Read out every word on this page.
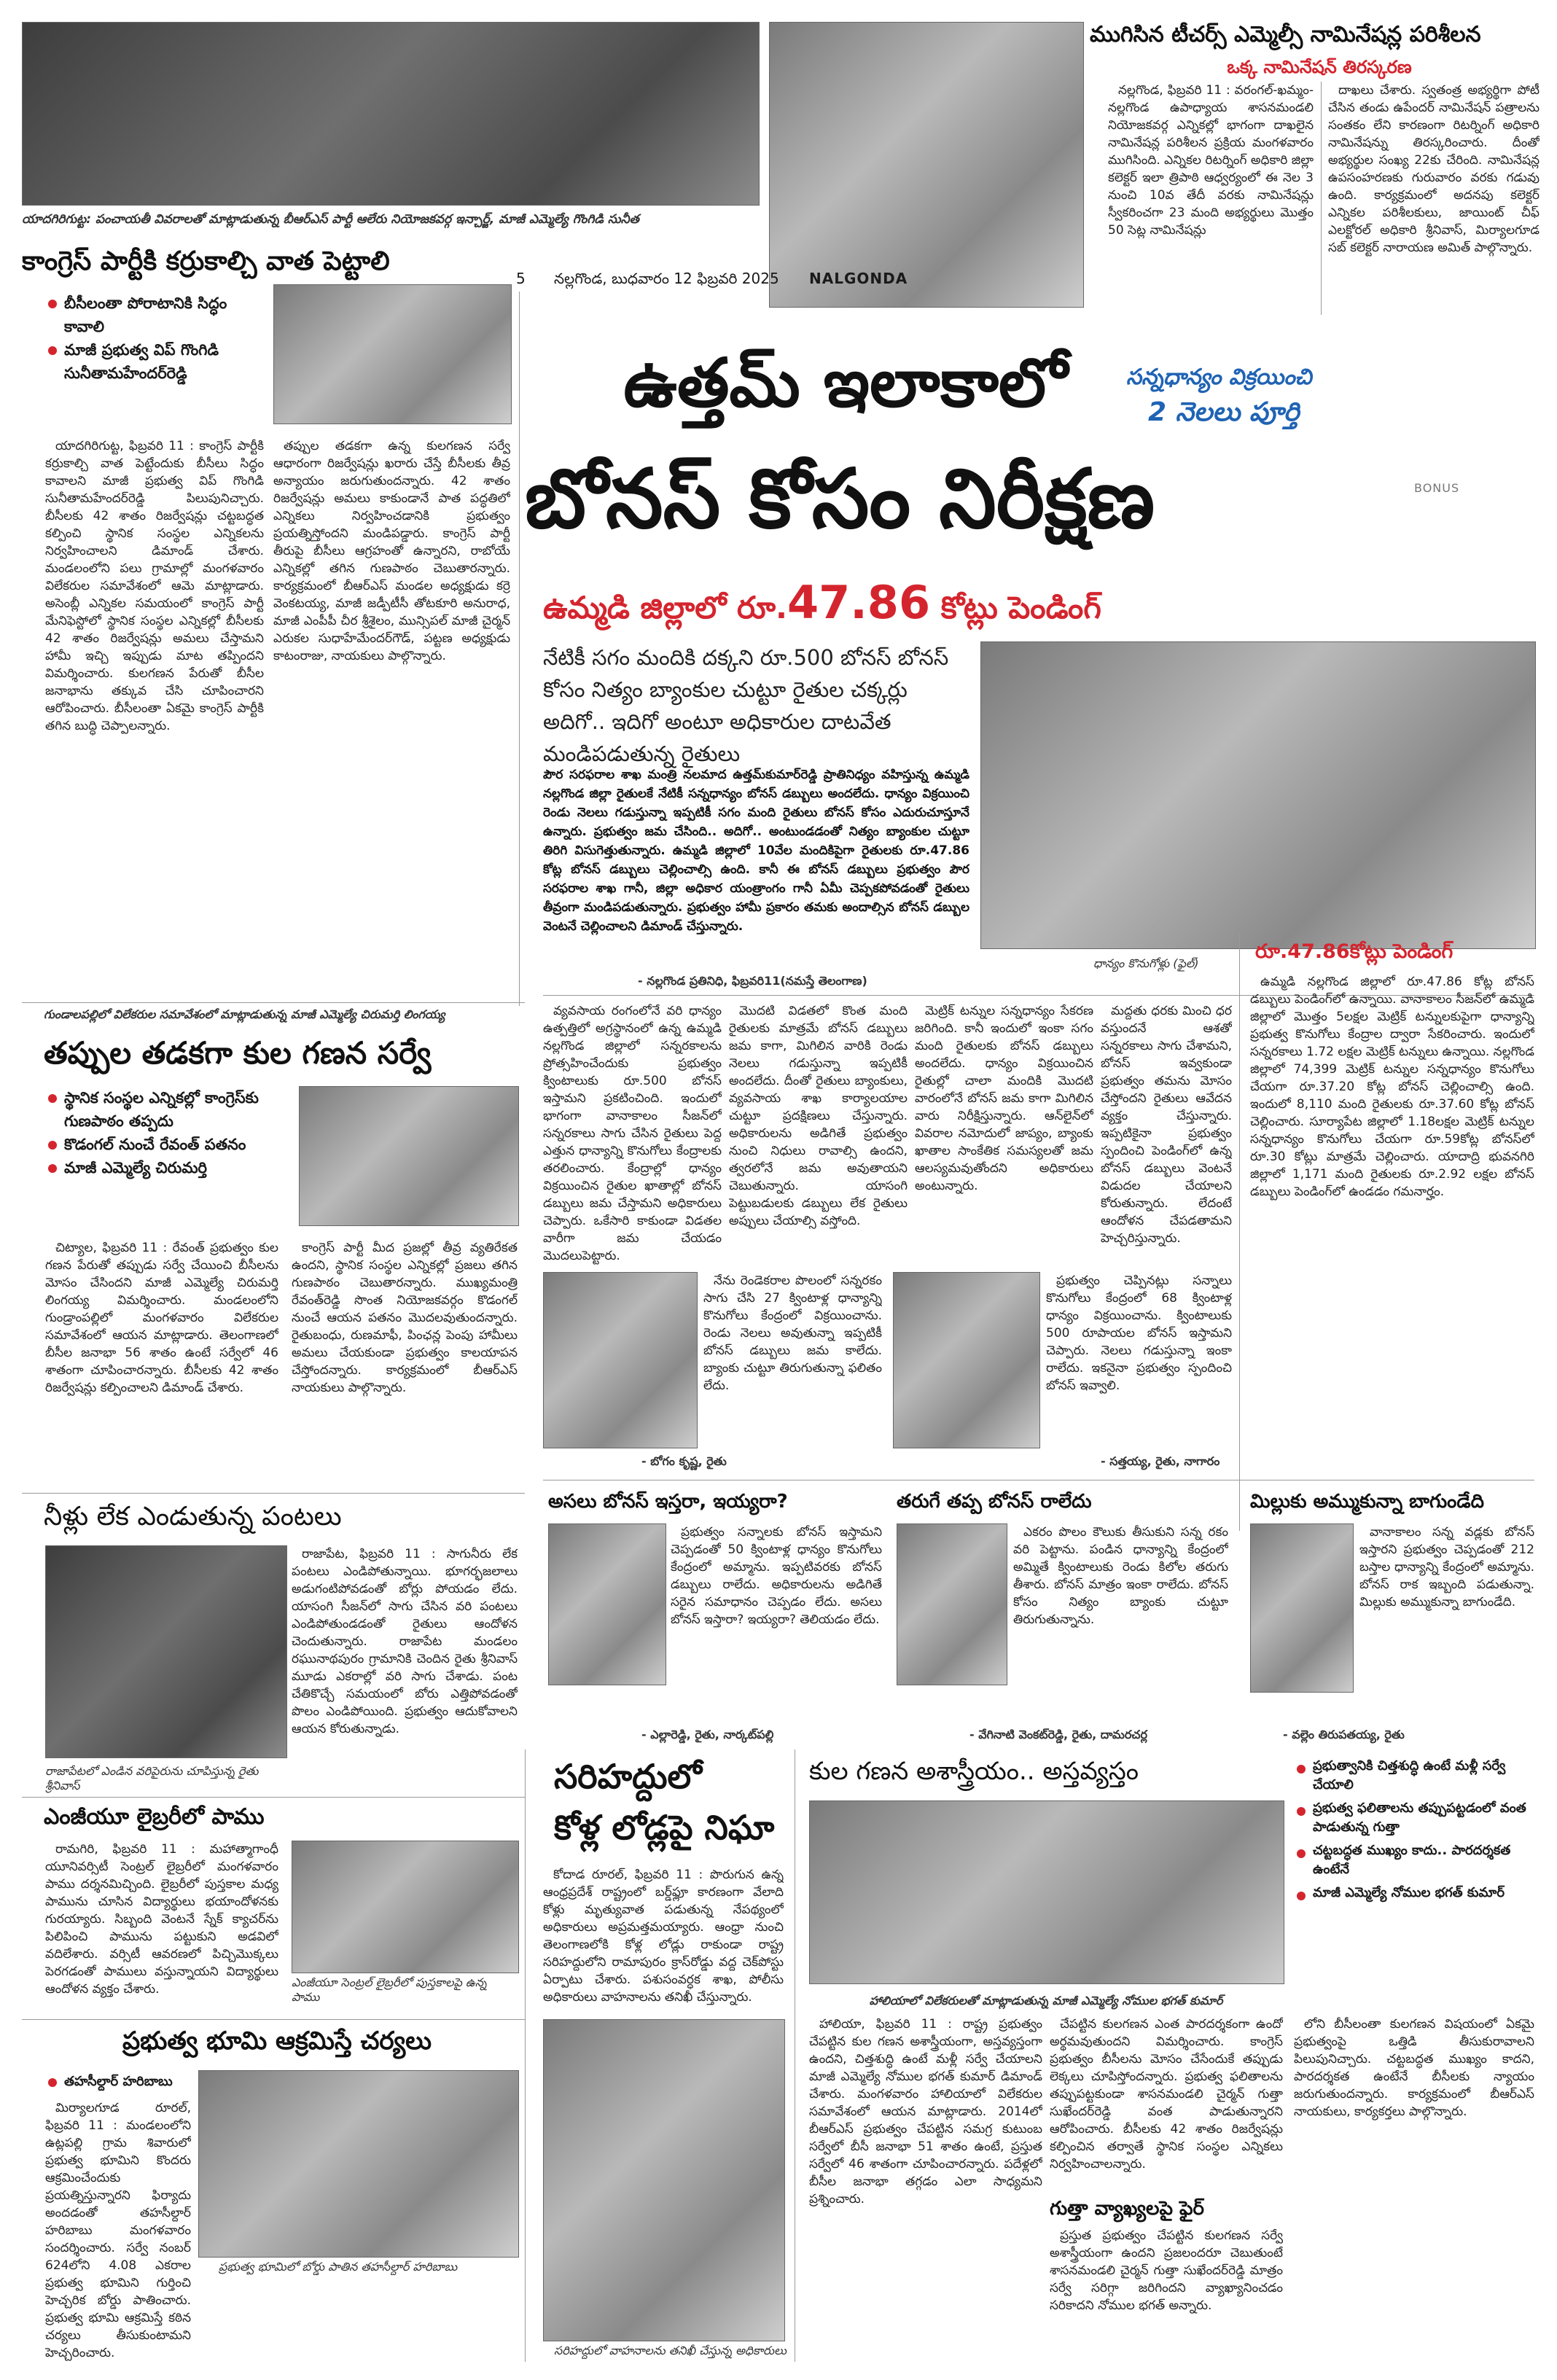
ముగిసిన టీచర్స్ ఎమ్మెల్సీ నామినేషన్ల పరిశీలన
ఒక్క నామినేషన్ తిరస్కరణ

నల్లగొండ, ఫిబ్రవరి 11 : వరంగల్-ఖమ్మం-నల్లగొండ ఉపాధ్యాయ శాసనమండలి నియోజకవర్గ ఎన్నికల్లో భాగంగా దాఖలైన నామినేషన్ల పరిశీలన ప్రక్రియ మంగళవారం ముగిసింది. ఎన్నికల రిటర్నింగ్ అధికారి జిల్లా కలెక్టర్ ఇలా త్రిపాఠి ఆధ్వర్యంలో ఈ నెల 3 నుంచి 10వ తేదీ వరకు నామినేషన్లు స్వీకరించగా 23 మంది అభ్యర్థులు మొత్తం 50 సెట్ల నామినేషన్లు

దాఖలు చేశారు. స్వతంత్ర అభ్యర్థిగా పోటీ చేసిన తండు ఉపేందర్ నామినేషన్ పత్రాలను సంతకం లేని కారణంగా రిటర్నింగ్ అధికారి నామినేషన్ను తిరస్కరించారు. దీంతో అభ్యర్థుల సంఖ్య 22కు చేరింది. నామినేషన్ల ఉపసంహరణకు గురువారం వరకు గడువు ఉంది. కార్యక్రమంలో అదనపు కలెక్టర్ ఎన్నికల పరిశీలకులు, జాయింట్ చీఫ్ ఎలక్టోరల్ అధికారి శ్రీనివాస్, మిర్యాలగూడ సబ్ కలెక్టర్ నారాయణ అమిత్ పాల్గొన్నారు.

యాదగిరిగుట్ట: పంచాయతీ వివరాలతో మాట్లాడుతున్న బీఆర్ఎస్ పార్టీ ఆలేరు నియోజకవర్గ ఇన్చార్జ్, మాజీ ఎమ్మెల్యే గొంగిడి సునీత
5 నల్లగొండ, బుధవారం 12 ఫిబ్రవరి 2025 NALGONDA
కాంగ్రెస్ పార్టీకి కర్రుకాల్చి వాత పెట్టాలి
బీసీలంతా పోరాటానికి సిద్ధం కావాలి
మాజీ ప్రభుత్వ విప్ గొంగిడి సునీతామహేందర్‌రెడ్డి

యాదగిరిగుట్ట, ఫిబ్రవరి 11 : కాంగ్రెస్ పార్టీకి కర్రుకాల్చి వాత పెట్టేందుకు బీసీలు సిద్ధం కావాలని మాజీ ప్రభుత్వ విప్ గొంగిడి సునీతామహేందర్‌రెడ్డి పిలుపునిచ్చారు. బీసీలకు 42 శాతం రిజర్వేషన్లు చట్టబద్ధత కల్పించి స్థానిక సంస్థల ఎన్నికలను నిర్వహించాలని డిమాండ్ చేశారు. మండలంలోని పలు గ్రామాల్లో మంగళవారం విలేకరుల సమావేశంలో ఆమె మాట్లాడారు. అసెంబ్లీ ఎన్నికల సమయంలో కాంగ్రెస్ పార్టీ మేనిఫెస్టోలో స్థానిక సంస్థల ఎన్నికల్లో బీసీలకు 42 శాతం రిజర్వేషన్లు అమలు చేస్తామని హామీ ఇచ్చి ఇప్పుడు మాట తప్పిందని విమర్శించారు. కులగణన పేరుతో బీసీల జనాభాను తక్కువ చేసి చూపించారని ఆరోపించారు. బీసీలంతా ఏకమై కాంగ్రెస్ పార్టీకి తగిన బుద్ధి చెప్పాలన్నారు.

తప్పుల తడకగా ఉన్న కులగణన సర్వే ఆధారంగా రిజర్వేషన్లు ఖరారు చేస్తే బీసీలకు తీవ్ర అన్యాయం జరుగుతుందన్నారు. 42 శాతం రిజర్వేషన్లు అమలు కాకుండానే పాత పద్ధతిలో ఎన్నికలు నిర్వహించడానికి ప్రభుత్వం ప్రయత్నిస్తోందని మండిపడ్డారు. కాంగ్రెస్ పార్టీ తీరుపై బీసీలు ఆగ్రహంతో ఉన్నారని, రాబోయే ఎన్నికల్లో తగిన గుణపాఠం చెబుతారన్నారు. కార్యక్రమంలో బీఆర్ఎస్ మండల అధ్యక్షుడు కర్రె వెంకటయ్య, మాజీ జడ్పీటీసీ తోటకూరి అనురాధ, మాజీ ఎంపీపీ చీర శ్రీశైలం, మున్సిపల్ మాజీ చైర్మన్ ఎరుకల సుధాహేమేందర్‌గౌడ్, పట్టణ అధ్యక్షుడు కాటంరాజు, నాయకులు పాల్గొన్నారు.

సన్నధాన్యం విక్రయించి
2 నెలలు పూర్తి
ఉత్తమ్ ఇలాకాలో
బోనస్ కోసం నిరీక్షణ	BONUS
ఉమ్మడి జిల్లాలో రూ.47.86 కోట్లు పెండింగ్
నేటికీ సగం మందికి దక్కని రూ.500 బోనస్ బోనస్ కోసం నిత్యం బ్యాంకుల చుట్టూ రైతుల చక్కర్లు అదిగో.. ఇదిగో అంటూ అధికారుల దాటవేత మండిపడుతున్న రైతులు
ధాన్యం కొనుగోళ్లు (ఫైల్)
పౌర సరఫరాల శాఖ మంత్రి నలమాద ఉత్తమ్‌కుమార్‌రెడ్డి ప్రాతినిధ్యం వహిస్తున్న ఉమ్మడి నల్లగొండ జిల్లా రైతులకే నేటికీ సన్నధాన్యం బోనస్ డబ్బులు అందలేదు. ధాన్యం విక్రయించి రెండు నెలలు గడుస్తున్నా ఇప్పటికీ సగం మంది రైతులు బోనస్ కోసం ఎదురుచూస్తూనే ఉన్నారు. ప్రభుత్వం జమ చేసింది.. అదిగో.. అంటుండడంతో నిత్యం బ్యాంకుల చుట్టూ తిరిగి విసుగెత్తుతున్నారు. ఉమ్మడి జిల్లాలో 10వేల మందికిపైగా రైతులకు రూ.47.86 కోట్ల బోనస్ డబ్బులు చెల్లించాల్సి ఉంది. కానీ ఈ బోనస్ డబ్బులు ప్రభుత్వం పౌర సరఫరాల శాఖ గానీ, జిల్లా అధికార యంత్రాంగం గానీ ఏమీ చెప్పకపోవడంతో రైతులు తీవ్రంగా మండిపడుతున్నారు. ప్రభుత్వం హామీ ప్రకారం తమకు అందాల్సిన బోనస్ డబ్బుల వెంటనే చెల్లించాలని డిమాండ్ చేస్తున్నారు.
- నల్లగొండ ప్రతినిధి, ఫిబ్రవరి11(నమస్తే తెలంగాణ)

వ్యవసాయ రంగంలోనే వరి ధాన్యం ఉత్పత్తిలో అగ్రస్థానంలో ఉన్న ఉమ్మడి నల్లగొండ జిల్లాలో సన్నరకాలను ప్రోత్సహించేందుకు ప్రభుత్వం క్వింటాలుకు రూ.500 బోనస్ ఇస్తామని ప్రకటించింది. ఇందులో భాగంగా వానాకాలం సీజన్‌లో సన్నరకాలు సాగు చేసిన రైతులు పెద్ద ఎత్తున ధాన్యాన్ని కొనుగోలు కేంద్రాలకు తరలించారు. కేంద్రాల్లో ధాన్యం విక్రయించిన రైతుల ఖాతాల్లో బోనస్ డబ్బులు జమ చేస్తామని అధికారులు చెప్పారు. ఒకేసారి కాకుండా విడతల వారీగా జమ చేయడం మొదలుపెట్టారు.

మొదటి విడతలో కొంత మంది రైతులకు మాత్రమే బోనస్ డబ్బులు జమ కాగా, మిగిలిన వారికి రెండు నెలలు గడుస్తున్నా ఇప్పటికీ అందలేదు. దీంతో రైతులు బ్యాంకులు, వ్యవసాయ శాఖ కార్యాలయాల చుట్టూ ప్రదక్షిణలు చేస్తున్నారు. అధికారులను అడిగితే ప్రభుత్వం నుంచి నిధులు రావాల్సి ఉందని, త్వరలోనే జమ అవుతాయని చెబుతున్నారు. యాసంగి పెట్టుబడులకు డబ్బులు లేక రైతులు అప్పులు చేయాల్సి వస్తోంది.

మెట్రిక్ టన్నుల సన్నధాన్యం సేకరణ జరిగింది. కానీ ఇందులో ఇంకా సగం మంది రైతులకు బోనస్ డబ్బులు అందలేదు. ధాన్యం విక్రయించిన రైతుల్లో చాలా మందికి మొదటి వారంలోనే బోనస్ జమ కాగా మిగిలిన వారు నిరీక్షిస్తున్నారు. ఆన్‌లైన్‌లో వివరాల నమోదులో జాప్యం, బ్యాంకు ఖాతాల సాంకేతిక సమస్యలతో జమ ఆలస్యమవుతోందని అధికారులు అంటున్నారు.

మద్దతు ధరకు మించి ధర వస్తుందనే ఆశతో సన్నరకాలు సాగు చేశామని, బోనస్ ఇవ్వకుండా ప్రభుత్వం తమను మోసం చేస్తోందని రైతులు ఆవేదన వ్యక్తం చేస్తున్నారు. ఇప్పటికైనా ప్రభుత్వం స్పందించి పెండింగ్‌లో ఉన్న బోనస్ డబ్బులు వెంటనే విడుదల చేయాలని కోరుతున్నారు. లేదంటే ఆందోళన చేపడతామని హెచ్చరిస్తున్నారు.

రూ.47.86కోట్లు పెండింగ్

ఉమ్మడి నల్లగొండ జిల్లాలో రూ.47.86 కోట్ల బోనస్ డబ్బులు పెండింగ్‌లో ఉన్నాయి. వానాకాలం సీజన్‌లో ఉమ్మడి జిల్లాలో మొత్తం 5లక్షల మెట్రిక్ టన్నులకుపైగా ధాన్యాన్ని ప్రభుత్వ కొనుగోలు కేంద్రాల ద్వారా సేకరించారు. ఇందులో సన్నరకాలు 1.72 లక్షల మెట్రిక్ టన్నులు ఉన్నాయి. నల్లగొండ జిల్లాలో 74,399 మెట్రిక్ టన్నుల సన్నధాన్యం కొనుగోలు చేయగా రూ.37.20 కోట్ల బోనస్ చెల్లించాల్సి ఉంది. ఇందులో 8,110 మంది రైతులకు రూ.37.60 కోట్ల బోనస్ చెల్లించారు. సూర్యాపేట జిల్లాలో 1.18లక్షల మెట్రిక్ టన్నుల సన్నధాన్యం కొనుగోలు చేయగా రూ.59కోట్ల బోనస్‌లో రూ.30 కోట్లు మాత్రమే చెల్లించారు. యాదాద్రి భువనగిరి జిల్లాలో 1,171 మంది రైతులకు రూ.2.92 లక్షల బోనస్ డబ్బులు పెండింగ్‌లో ఉండడం గమనార్హం.

నేను రెండెకరాల పొలంలో సన్నరకం సాగు చేసి 27 క్వింటాళ్ల ధాన్యాన్ని కొనుగోలు కేంద్రంలో విక్రయించాను. రెండు నెలలు అవుతున్నా ఇప్పటికీ బోనస్ డబ్బులు జమ కాలేదు. బ్యాంకు చుట్టూ తిరుగుతున్నా ఫలితం లేదు.

- బోగం కృష్ణ, రైతు

ప్రభుత్వం చెప్పినట్లు సన్నాలు కొనుగోలు కేంద్రంలో 68 క్వింటాళ్ల ధాన్యం విక్రయించాను. క్వింటాలుకు 500 రూపాయల బోనస్ ఇస్తామని చెప్పారు. నెలలు గడుస్తున్నా ఇంకా రాలేదు. ఇకనైనా ప్రభుత్వం స్పందించి బోనస్ ఇవ్వాలి.

- సత్తయ్య, రైతు, నాగారం
అసలు బోనస్ ఇస్తరా, ఇయ్యరా?

ప్రభుత్వం సన్నాలకు బోనస్ ఇస్తామని చెప్పడంతో 50 క్వింటాళ్ల ధాన్యం కొనుగోలు కేంద్రంలో అమ్మాను. ఇప్పటివరకు బోనస్ డబ్బులు రాలేదు. అధికారులను అడిగితే సరైన సమాధానం చెప్పడం లేదు. అసలు బోనస్ ఇస్తారా? ఇయ్యరా? తెలియడం లేదు.

- ఎల్లారెడ్డి, రైతు, నార్కట్‌పల్లి
తరుగే తప్ప బోనస్ రాలేదు

ఎకరం పొలం కౌలుకు తీసుకుని సన్న రకం వరి పెట్టాను. పండిన ధాన్యాన్ని కేంద్రంలో అమ్మితే క్వింటాలుకు రెండు కిలోల తరుగు తీశారు. బోనస్ మాత్రం ఇంకా రాలేదు. బోనస్ కోసం నిత్యం బ్యాంకు చుట్టూ తిరుగుతున్నాను.

- వేగినాటి వెంకట్‌రెడ్డి, రైతు, దామరచర్ల
మిల్లుకు అమ్ముకున్నా బాగుండేది

వానాకాలం సన్న వడ్లకు బోనస్ ఇస్తారని ప్రభుత్వం చెప్పడంతో 212 బస్తాల ధాన్యాన్ని కేంద్రంలో అమ్మాను. బోనస్ రాక ఇబ్బంది పడుతున్నా. మిల్లుకు అమ్ముకున్నా బాగుండేది.

- వల్లెం తిరుపతయ్య, రైతు
గుండాలపల్లిలో విలేకరుల సమావేశంలో మాట్లాడుతున్న మాజీ ఎమ్మెల్యే చిరుమర్తి లింగయ్య
తప్పుల తడకగా కుల గణన సర్వే
స్థానిక సంస్థల ఎన్నికల్లో కాంగ్రెస్‌కు గుణపాఠం తప్పదు
కొడంగల్ నుంచే రేవంత్ పతనం
మాజీ ఎమ్మెల్యే చిరుమర్తి

చిట్యాల, ఫిబ్రవరి 11 : రేవంత్ ప్రభుత్వం కుల గణన పేరుతో తప్పుడు సర్వే చేయించి బీసీలను మోసం చేసిందని మాజీ ఎమ్మెల్యే చిరుమర్తి లింగయ్య విమర్శించారు. మండలంలోని గుండ్రాంపల్లిలో మంగళవారం విలేకరుల సమావేశంలో ఆయన మాట్లాడారు. తెలంగాణలో బీసీల జనాభా 56 శాతం ఉంటే సర్వేలో 46 శాతంగా చూపించారన్నారు. బీసీలకు 42 శాతం రిజర్వేషన్లు కల్పించాలని డిమాండ్ చేశారు.

కాంగ్రెస్ పార్టీ మీద ప్రజల్లో తీవ్ర వ్యతిరేకత ఉందని, స్థానిక సంస్థల ఎన్నికల్లో ప్రజలు తగిన గుణపాఠం చెబుతారన్నారు. ముఖ్యమంత్రి రేవంత్‌రెడ్డి సొంత నియోజకవర్గం కొడంగల్ నుంచే ఆయన పతనం మొదలవుతుందన్నారు. రైతుబంధు, రుణమాఫీ, పింఛన్ల పెంపు హామీలు అమలు చేయకుండా ప్రభుత్వం కాలయాపన చేస్తోందన్నారు. కార్యక్రమంలో బీఆర్ఎస్ నాయకులు పాల్గొన్నారు.

నీళ్లు లేక ఎండుతున్న పంటలు
రాజాపేటలో ఎండిన వరిపైరును చూపిస్తున్న రైతు శ్రీనివాస్

రాజాపేట, ఫిబ్రవరి 11 : సాగునీరు లేక పంటలు ఎండిపోతున్నాయి. భూగర్భజలాలు అడుగంటిపోవడంతో బోర్లు పోయడం లేదు. యాసంగి సీజన్‌లో సాగు చేసిన వరి పంటలు ఎండిపోతుండడంతో రైతులు ఆందోళన చెందుతున్నారు. రాజాపేట మండలం రఘునాథపురం గ్రామానికి చెందిన రైతు శ్రీనివాస్ మూడు ఎకరాల్లో వరి సాగు చేశాడు. పంట చేతికొచ్చే సమయంలో బోరు ఎత్తిపోవడంతో పొలం ఎండిపోయింది. ప్రభుత్వం ఆదుకోవాలని ఆయన కోరుతున్నాడు.

ఎంజీయూ లైబ్రరీలో పాము

రామగిరి, ఫిబ్రవరి 11 : మహాత్మాగాంధీ యూనివర్సిటీ సెంట్రల్ లైబ్రరీలో మంగళవారం పాము దర్శనమిచ్చింది. లైబ్రరీలో పుస్తకాల మధ్య పామును చూసిన విద్యార్థులు భయాందోళనకు గురయ్యారు. సిబ్బంది వెంటనే స్నేక్ క్యాచర్‌ను పిలిపించి పామును పట్టుకుని అడవిలో వదిలేశారు. వర్సిటీ ఆవరణలో పిచ్చిమొక్కలు పెరగడంతో పాములు వస్తున్నాయని విద్యార్థులు ఆందోళన వ్యక్తం చేశారు.	ఎంజీయూ సెంట్రల్ లైబ్రరీలో పుస్తకాలపై ఉన్న పాము
ప్రభుత్వ భూమి ఆక్రమిస్తే చర్యలు
తహసీల్దార్ హరిబాబు

మిర్యాలగూడ రూరల్, ఫిబ్రవరి 11 : మండలంలోని ఉట్లపల్లి గ్రామ శివారులో ప్రభుత్వ భూమిని కొందరు ఆక్రమించేందుకు ప్రయత్నిస్తున్నారని ఫిర్యాదు అందడంతో తహసీల్దార్ హరిబాబు మంగళవారం సందర్శించారు. సర్వే నంబర్ 624లోని 4.08 ఎకరాల ప్రభుత్వ భూమిని గుర్తించి హెచ్చరిక బోర్డు పాతించారు. ప్రభుత్వ భూమి ఆక్రమిస్తే కఠిన చర్యలు తీసుకుంటామని హెచ్చరించారు.

ప్రభుత్వ భూమిలో బోర్డు పాతిన తహసీల్దార్ హరిబాబు
సరిహద్దులో
కోళ్ల లోడ్లపై నిఘా

కోదాడ రూరల్, ఫిబ్రవరి 11 : పొరుగున ఉన్న ఆంధ్రప్రదేశ్ రాష్ట్రంలో బర్డ్‌ఫ్లూ కారణంగా వేలాది కోళ్లు మృత్యువాత పడుతున్న నేపథ్యంలో అధికారులు అప్రమత్తమయ్యారు. ఆంధ్రా నుంచి తెలంగాణలోకి కోళ్ల లోడ్లు రాకుండా రాష్ట్ర సరిహద్దులోని రామాపురం క్రాస్‌రోడ్డు వద్ద చెక్‌పోస్టు ఏర్పాటు చేశారు. పశుసంవర్ధక శాఖ, పోలీసు అధికారులు వాహనాలను తనిఖీ చేస్తున్నారు.

సరిహద్దులో వాహనాలను తనిఖీ చేస్తున్న అధికారులు
కుల గణన అశాస్త్రీయం.. అస్తవ్యస్తం	ప్రభుత్వానికి చిత్తశుద్ధి ఉంటే మళ్లీ సర్వే చేయాలి
ప్రభుత్వ ఫలితాలను తప్పుపట్టడంలో వంత పాడుతున్న గుత్తా
చట్టబద్ధత ముఖ్యం కాదు.. పారదర్శకత ఉంటేనే
మాజీ ఎమ్మెల్యే నోముల భగత్ కుమార్
హాలియాలో విలేకరులతో మాట్లాడుతున్న మాజీ ఎమ్మెల్యే నోముల భగత్ కుమార్

హాలియా, ఫిబ్రవరి 11 : రాష్ట్ర ప్రభుత్వం చేపట్టిన కుల గణన అశాస్త్రీయంగా, అస్తవ్యస్తంగా ఉందని, చిత్తశుద్ధి ఉంటే మళ్లీ సర్వే చేయాలని మాజీ ఎమ్మెల్యే నోముల భగత్ కుమార్ డిమాండ్ చేశారు. మంగళవారం హాలియాలో విలేకరుల సమావేశంలో ఆయన మాట్లాడారు. 2014లో బీఆర్ఎస్ ప్రభుత్వం చేపట్టిన సమగ్ర కుటుంబ సర్వేలో బీసీ జనాభా 51 శాతం ఉంటే, ప్రస్తుత సర్వేలో 46 శాతంగా చూపించారన్నారు. పదేళ్లలో బీసీల జనాభా తగ్గడం ఎలా సాధ్యమని ప్రశ్నించారు.

చేపట్టిన కులగణన ఎంత పారదర్శకంగా ఉందో అర్థమవుతుందని విమర్శించారు. కాంగ్రెస్ ప్రభుత్వం బీసీలను మోసం చేసేందుకే తప్పుడు లెక్కలు చూపిస్తోందన్నారు. ప్రభుత్వ ఫలితాలను తప్పుపట్టకుండా శాసనమండలి చైర్మన్ గుత్తా సుఖేందర్‌రెడ్డి వంత పాడుతున్నారని ఆరోపించారు. బీసీలకు 42 శాతం రిజర్వేషన్లు కల్పించిన తర్వాతే స్థానిక సంస్థల ఎన్నికలు నిర్వహించాలన్నారు.

గుత్తా వ్యాఖ్యలపై ఫైర్

ప్రస్తుత ప్రభుత్వం చేపట్టిన కులగణన సర్వే అశాస్త్రీయంగా ఉందని ప్రజలందరూ చెబుతుంటే శాసనమండలి చైర్మన్ గుత్తా సుఖేందర్‌రెడ్డి మాత్రం సర్వే సరిగ్గా జరిగిందని వ్యాఖ్యానించడం సరికాదని నోముల భగత్ అన్నారు.

లోని బీసీలంతా కులగణన విషయంలో ఏకమై ప్రభుత్వంపై ఒత్తిడి తీసుకురావాలని పిలుపునిచ్చారు. చట్టబద్ధత ముఖ్యం కాదని, పారదర్శకత ఉంటేనే బీసీలకు న్యాయం జరుగుతుందన్నారు. కార్యక్రమంలో బీఆర్ఎస్ నాయకులు, కార్యకర్తలు పాల్గొన్నారు.
